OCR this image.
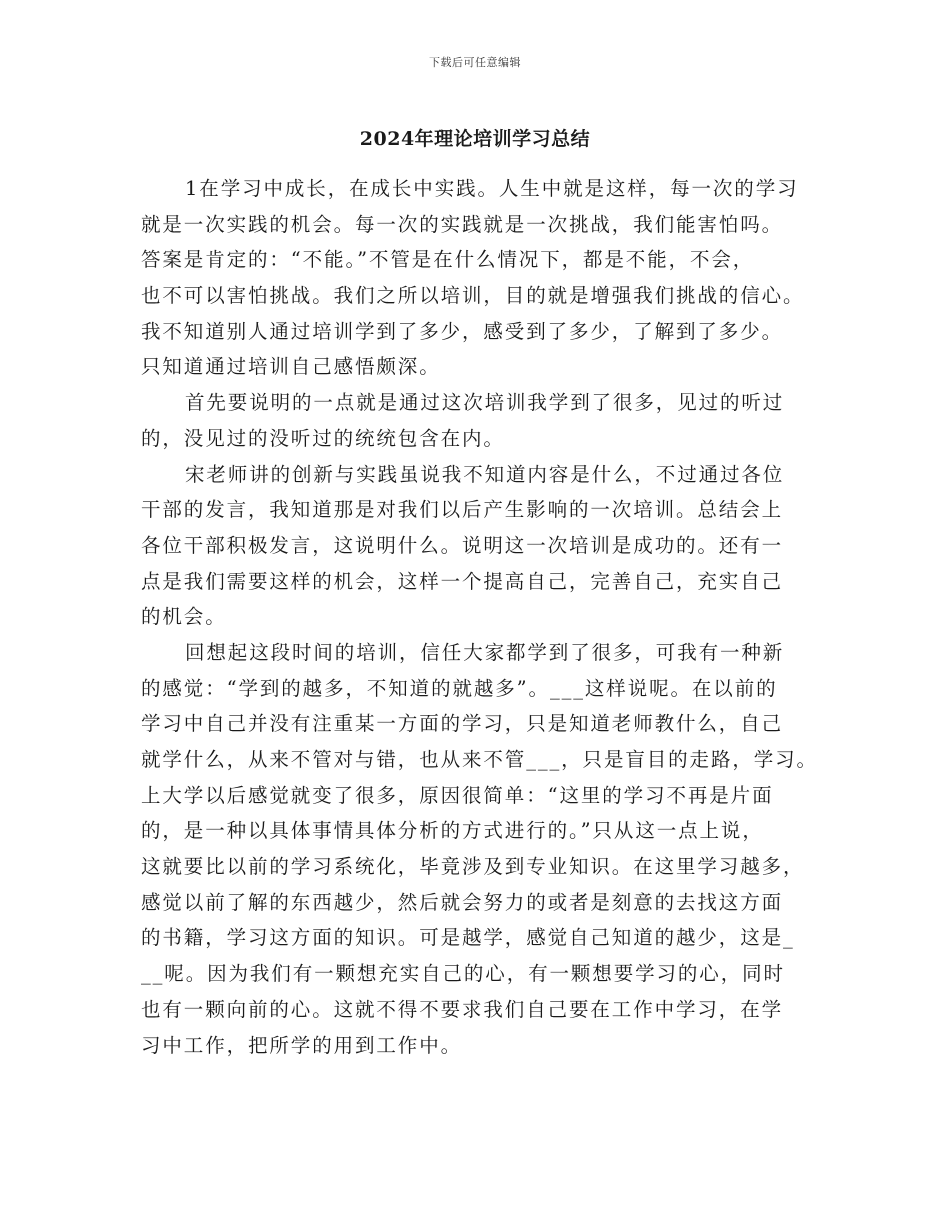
下载后可任意编辑
2024年理论培训学习总结
1在学习中成长，在成长中实践。人生中就是这样，每一次的学习
就是一次实践的机会。每一次的实践就是一次挑战，我们能害怕吗。
答案是肯定的：“不能。”不管是在什么情况下，都是不能，不会，
也不可以害怕挑战。我们之所以培训，目的就是增强我们挑战的信心。
我不知道别人通过培训学到了多少，感受到了多少，了解到了多少。
只知道通过培训自己感悟颇深。
首先要说明的一点就是通过这次培训我学到了很多，见过的听过
的，没见过的没听过的统统包含在内。
宋老师讲的创新与实践虽说我不知道内容是什么，不过通过各位
干部的发言，我知道那是对我们以后产生影响的一次培训。总结会上
各位干部积极发言，这说明什么。说明这一次培训是成功的。还有一
点是我们需要这样的机会，这样一个提高自己，完善自己，充实自己
的机会。
回想起这段时间的培训，信任大家都学到了很多，可我有一种新
的感觉：“学到的越多，不知道的就越多”。___这样说呢。在以前的
学习中自己并没有注重某一方面的学习，只是知道老师教什么，自己
就学什么，从来不管对与错，也从来不管___，只是盲目的走路，学习。
上大学以后感觉就变了很多，原因很简单：“这里的学习不再是片面
的，是一种以具体事情具体分析的方式进行的。”只从这一点上说，
这就要比以前的学习系统化，毕竟涉及到专业知识。在这里学习越多，
感觉以前了解的东西越少，然后就会努力的或者是刻意的去找这方面
的书籍，学习这方面的知识。可是越学，感觉自己知道的越少，这是_
__呢。因为我们有一颗想充实自己的心，有一颗想要学习的心，同时
也有一颗向前的心。这就不得不要求我们自己要在工作中学习，在学
习中工作，把所学的用到工作中。
